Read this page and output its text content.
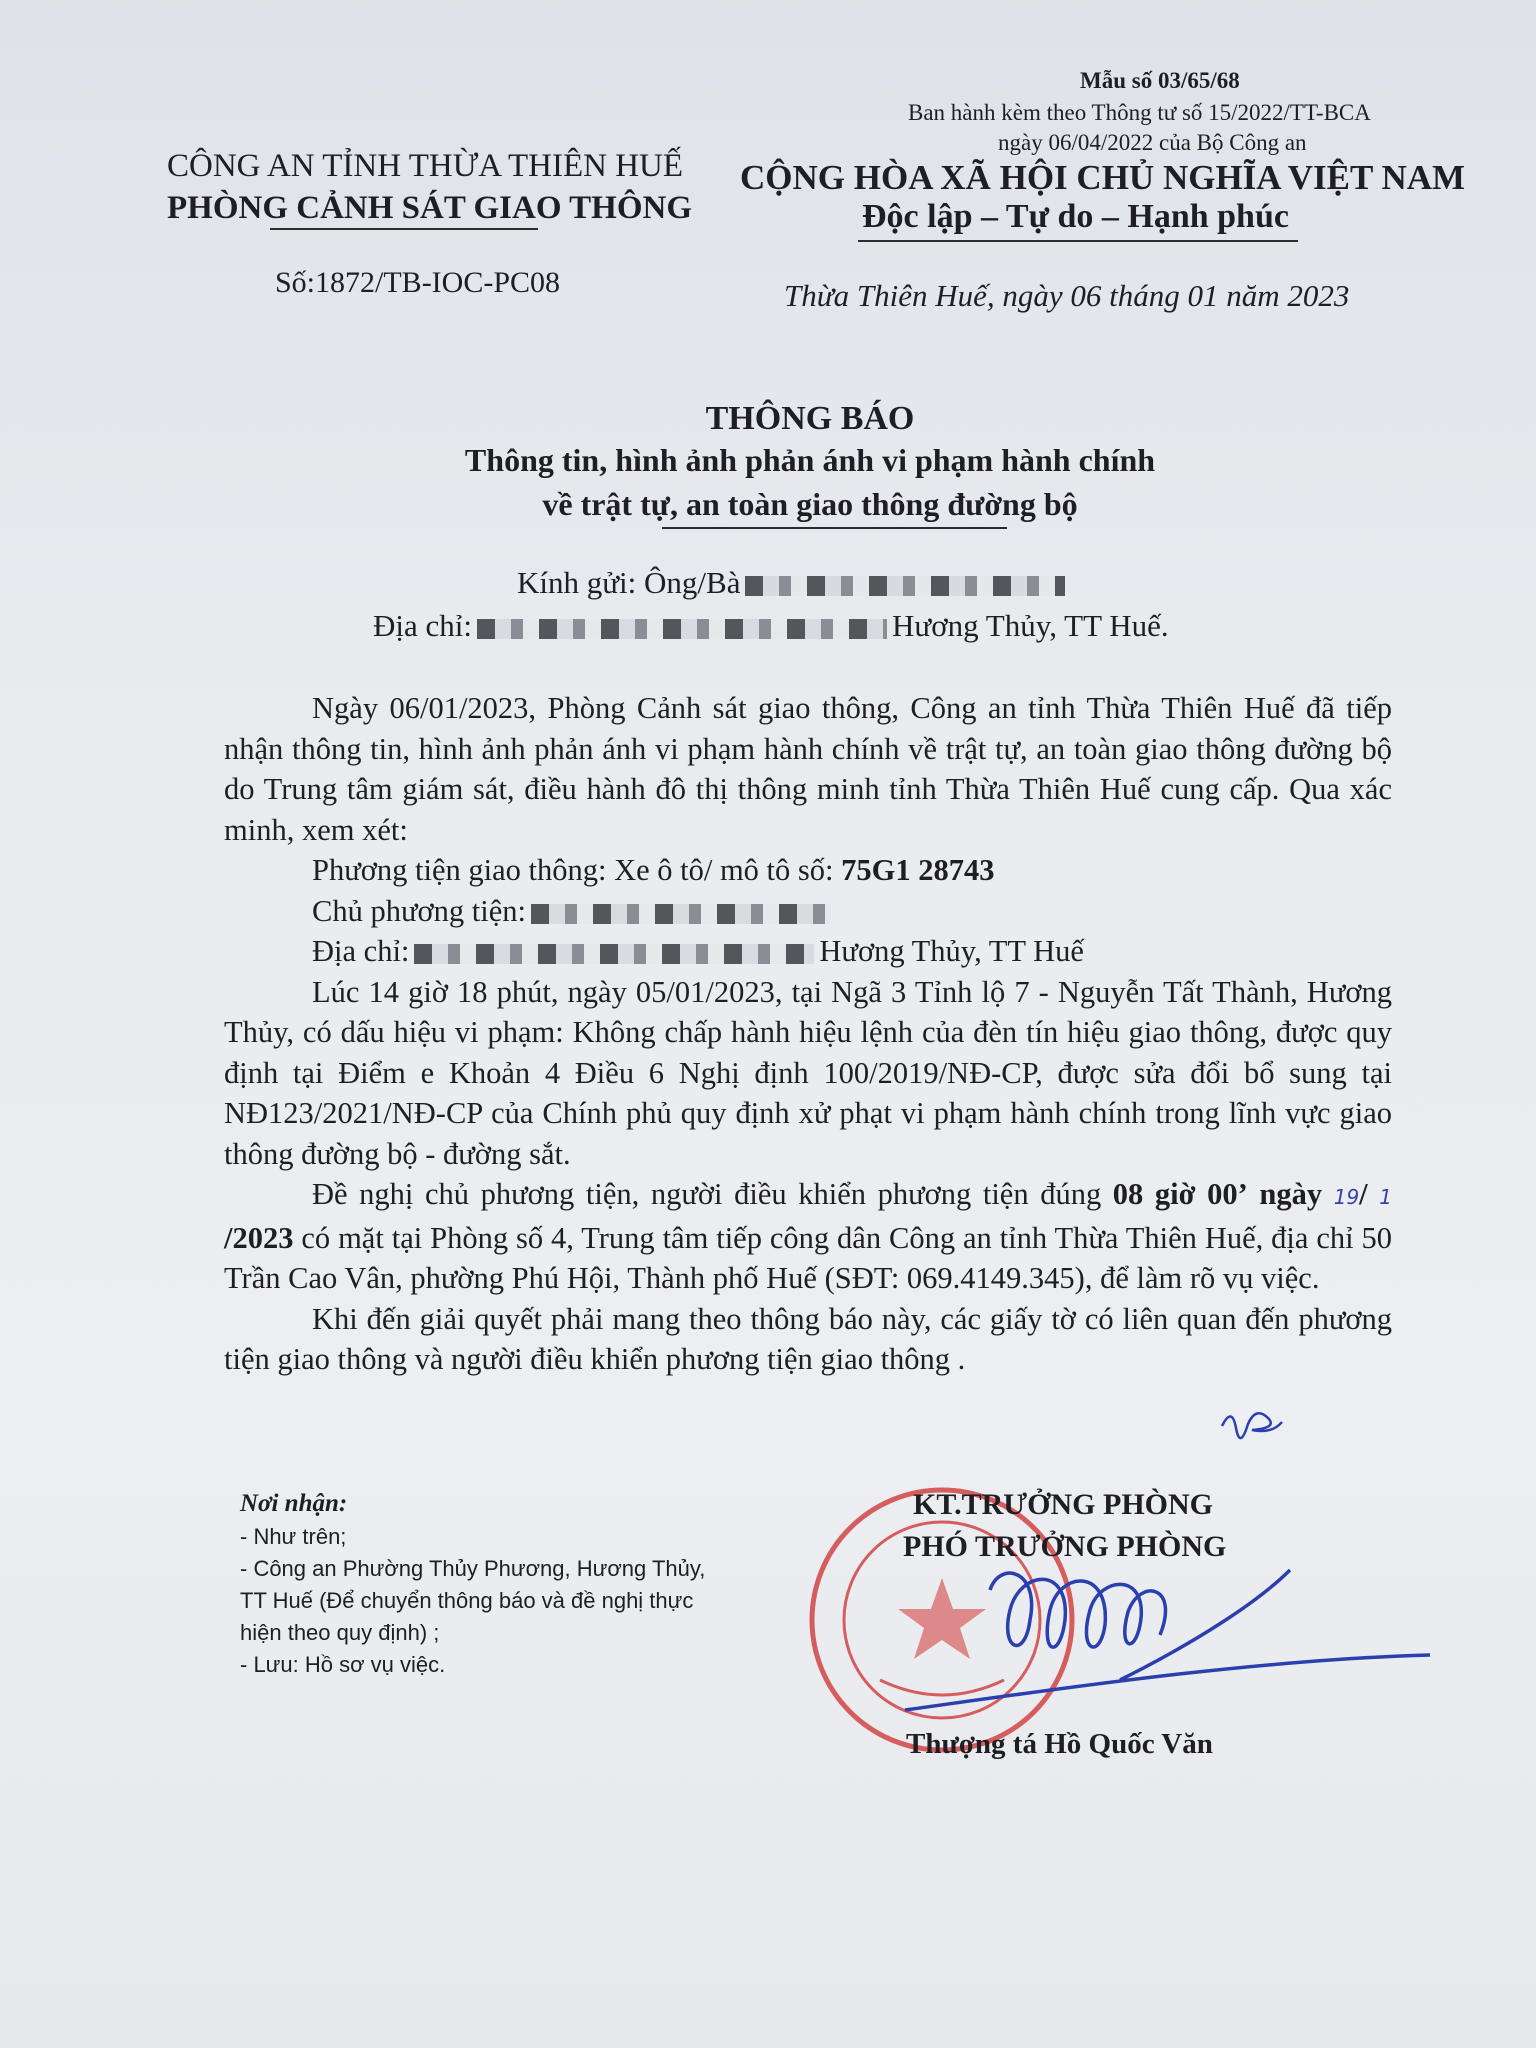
Mẫu số 03/65/68
Ban hành kèm theo Thông tư số 15/2022/TT-BCA
ngày 06/04/2022 của Bộ Công an
CÔNG AN TỈNH THỪA THIÊN HUẾ
PHÒNG CẢNH SÁT GIAO THÔNG
CỘNG HÒA XÃ HỘI CHỦ NGHĨA VIỆT NAM
Độc lập – Tự do – Hạnh phúc
Số:1872/TB-IOC-PC08	Thừa Thiên Huế, ngày 06 tháng 01 năm 2023
THÔNG BÁO
Thông tin, hình ảnh phản ánh vi phạm hành chính
về trật tự, an toàn giao thông đường bộ
Kính gửi: Ông/Bà
Địa chỉ:	Hương Thủy, TT Huế.

Ngày 06/01/2023, Phòng Cảnh sát giao thông, Công an tỉnh Thừa Thiên Huế đã tiếp nhận thông tin, hình ảnh phản ánh vi phạm hành chính về trật tự, an toàn giao thông đường bộ do Trung tâm giám sát, điều hành đô thị thông minh tỉnh Thừa Thiên Huế cung cấp. Qua xác minh, xem xét:

Phương tiện giao thông: Xe ô tô/ mô tô số: 75G1 28743

Chủ phương tiện:

Địa chỉ:	Hương Thủy, TT Huế

Lúc 14 giờ 18 phút, ngày 05/01/2023, tại Ngã 3 Tỉnh lộ 7 - Nguyễn Tất Thành, Hương Thủy, có dấu hiệu vi phạm: Không chấp hành hiệu lệnh của đèn tín hiệu giao thông, được quy định tại Điểm e Khoản 4 Điều 6 Nghị định 100/2019/NĐ-CP, được sửa đổi bổ sung tại NĐ123/2021/NĐ-CP của Chính phủ quy định xử phạt vi phạm hành chính trong lĩnh vực giao thông đường bộ - đường sắt.

Đề nghị chủ phương tiện, người điều khiển phương tiện đúng 08 giờ 00’ ngày 19/ 1 /2023 có mặt tại Phòng số 4, Trung tâm tiếp công dân Công an tỉnh Thừa Thiên Huế, địa chỉ 50 Trần Cao Vân, phường Phú Hội, Thành phố Huế (SĐT: 069.4149.345), để làm rõ vụ việc.

Khi đến giải quyết phải mang theo thông báo này, các giấy tờ có liên quan đến phương tiện giao thông và người điều khiển phương tiện giao thông .

Nơi nhận:
- Như trên;
- Công an Phường Thủy Phương, Hương Thủy,
TT Huế (Để chuyển thông báo và đề nghị thực
hiện theo quy định) ;
- Lưu: Hồ sơ vụ việc.
KT.TRƯỞNG PHÒNG
PHÓ TRƯỞNG PHÒNG
Thượng tá Hồ Quốc Văn
